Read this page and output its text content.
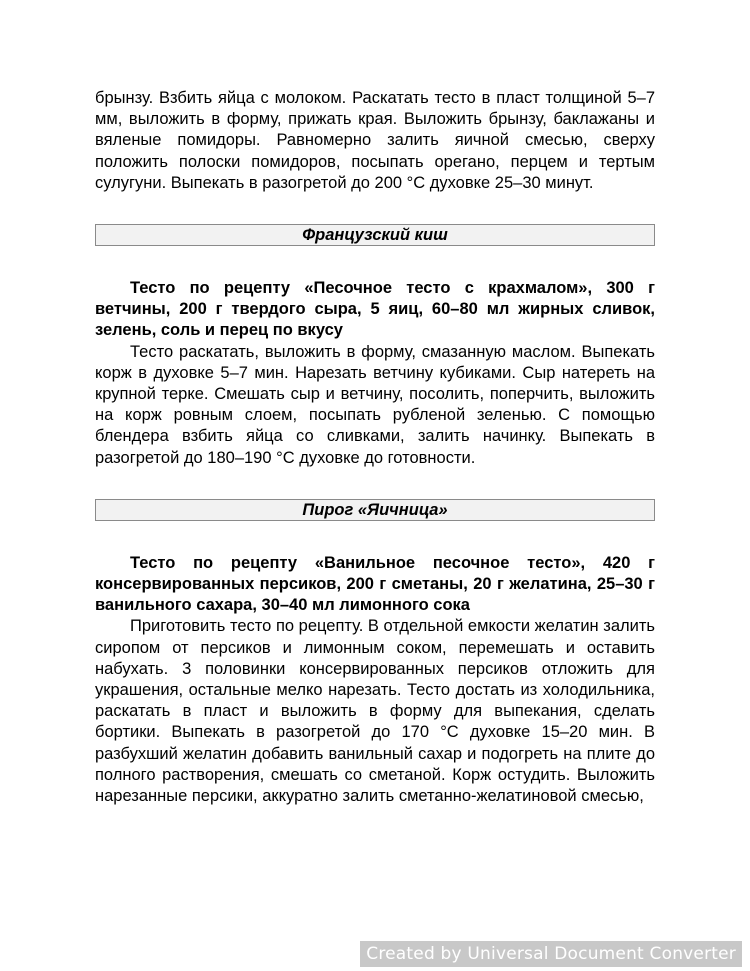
брынзу. Взбить яйца с молоком. Раскатать тесто в пласт толщиной 5–7 мм, выложить в форму, прижать края. Выложить брынзу, баклажаны и вяленые помидоры. Равномерно залить яичной смесью, сверху положить полоски помидоров, посыпать орегано, перцем и тертым сулугуни. Выпекать в разогретой до 200 °С духовке 25–30 минут.

Французский киш

Тесто по рецепту «Песочное тесто с крахмалом», 300 г ветчины, 200 г твердого сыра, 5 яиц, 60–80 мл жирных сливок, зелень, соль и перец по вкусу

Тесто раскатать, выложить в форму, смазанную маслом. Выпекать корж в духовке 5–7 мин. Нарезать ветчину кубиками. Сыр натереть на крупной терке. Смешать сыр и ветчину, посолить, поперчить, выложить на корж ровным слоем, посыпать рубленой зеленью. С помощью блендера взбить яйца со сливками, залить начинку. Выпекать в разогретой до 180–190 °С духовке до готовности.

Пирог «Яичница»

Тесто по рецепту «Ванильное песочное тесто», 420 г консервированных персиков, 200 г сметаны, 20 г желатина, 25–30 г ванильного сахара, 30–40 мл лимонного сока

Приготовить тесто по рецепту. В отдельной емкости желатин залить сиропом от персиков и лимонным соком, перемешать и оставить набухать. 3 половинки консервированных персиков отложить для украшения, остальные мелко нарезать. Тесто достать из холодильника, раскатать в пласт и выложить в форму для выпекания, сделать бортики. Выпекать в разогретой до 170 °С духовке 15–20 мин. В разбухший желатин добавить ванильный сахар и подогреть на плите до полного растворения, смешать со сметаной. Корж остудить. Выложить нарезанные персики, аккуратно залить сметанно-желатиновой смесью,

Created by Universal Document Converter
